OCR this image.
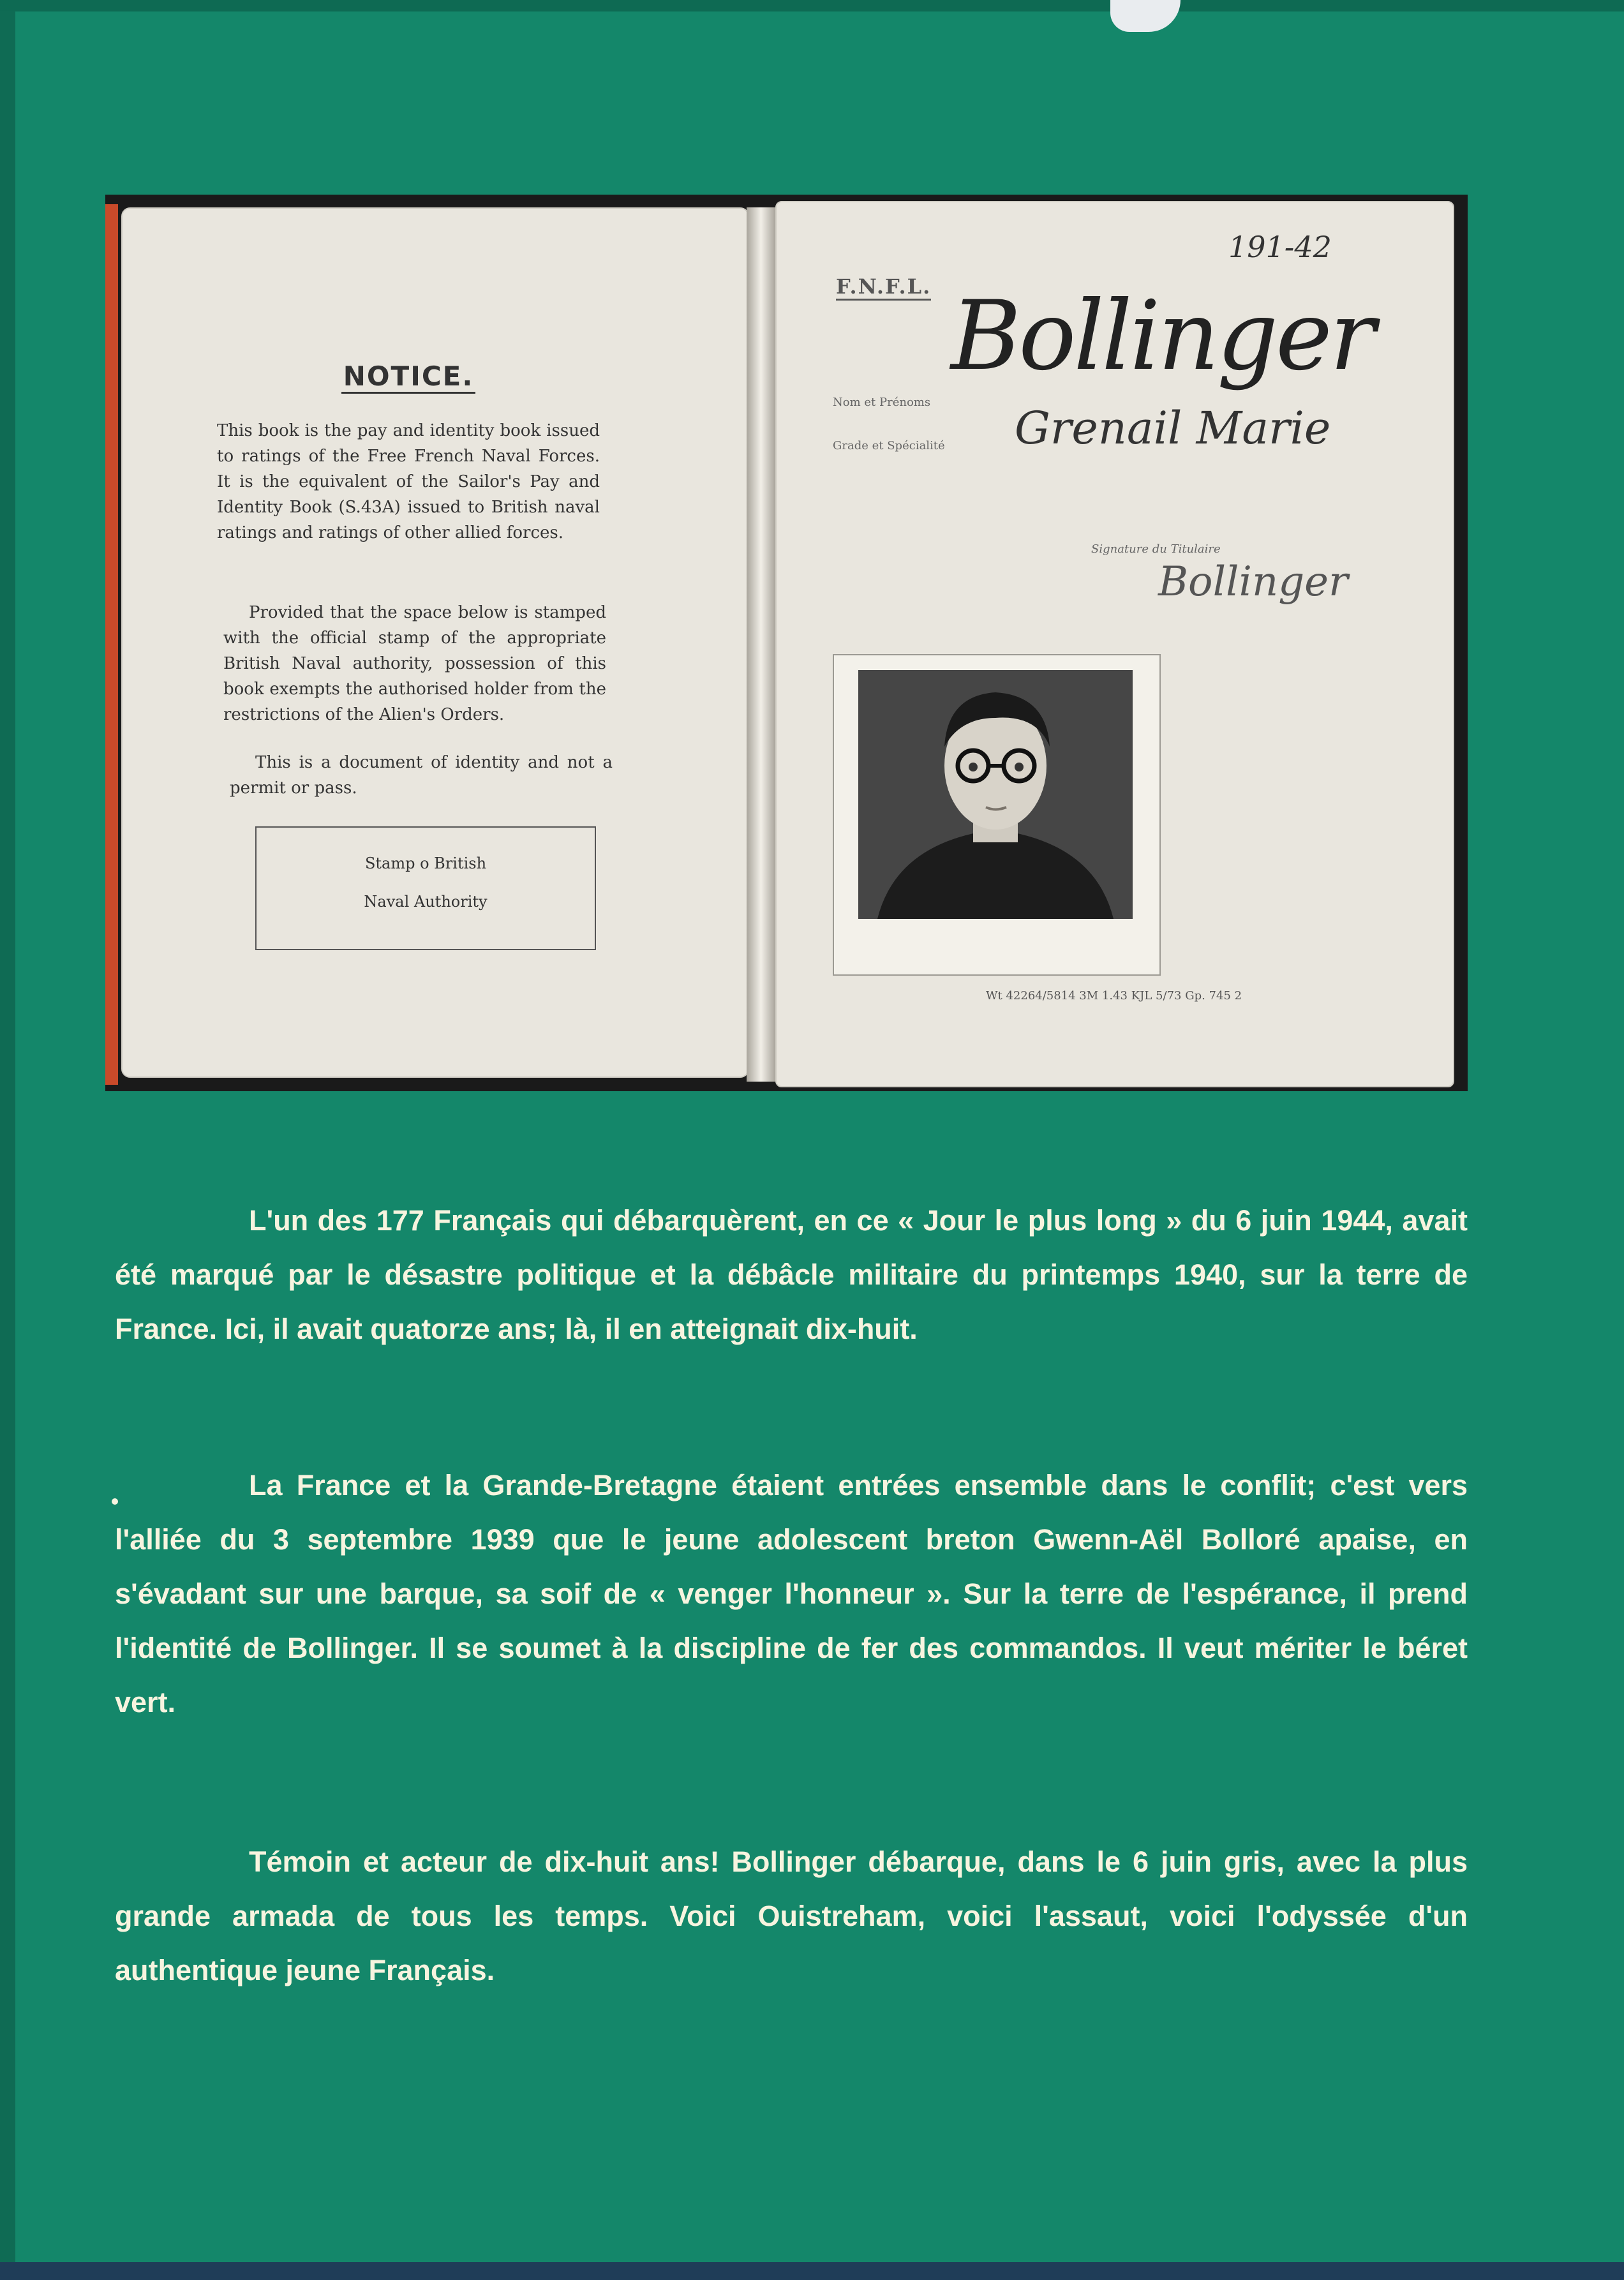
NOTICE.
This book is the pay and identity book issued to ratings of the Free French Naval Forces. It is the equivalent of the Sailor's Pay and Identity Book (S.43A) issued to British naval ratings and ratings of other allied forces.
Provided that the space below is stamped with the official stamp of the appropriate British Naval authority, possession of this book exempts the authorised holder from the restrictions of the Alien's Orders.
This is a document of identity and not a permit or pass.
Stamp o British
Naval Authority
F.N.F.L.
191-42
Nom et Prénoms
Grade et Spécialité
Signature du Titulaire
Bollinger
Grenail Marie
Bollinger
Wt 42264/5814 3M 1.43 KJL 5/73 Gp. 745 2
L'un des 177 Français qui débarquèrent, en ce « Jour le plus long » du 6 juin 1944, avait été marqué par le désastre politique et la débâcle militaire du printemps 1940, sur la terre de France. Ici, il avait quatorze ans; là, il en atteignait dix-huit.
La France et la Grande-Bretagne étaient entrées ensemble dans le conflit; c'est vers l'alliée du 3 septembre 1939 que le jeune adolescent breton Gwenn-Aël Bolloré apaise, en s'évadant sur une barque, sa soif de « venger l'honneur ». Sur la terre de l'espérance, il prend l'identité de Bollinger. Il se soumet à la discipline de fer des commandos. Il veut mériter le béret vert.
Témoin et acteur de dix-huit ans! Bollinger débarque, dans le 6 juin gris, avec la plus grande armada de tous les temps. Voici Ouistreham, voici l'assaut, voici l'odyssée d'un authentique jeune Français.
